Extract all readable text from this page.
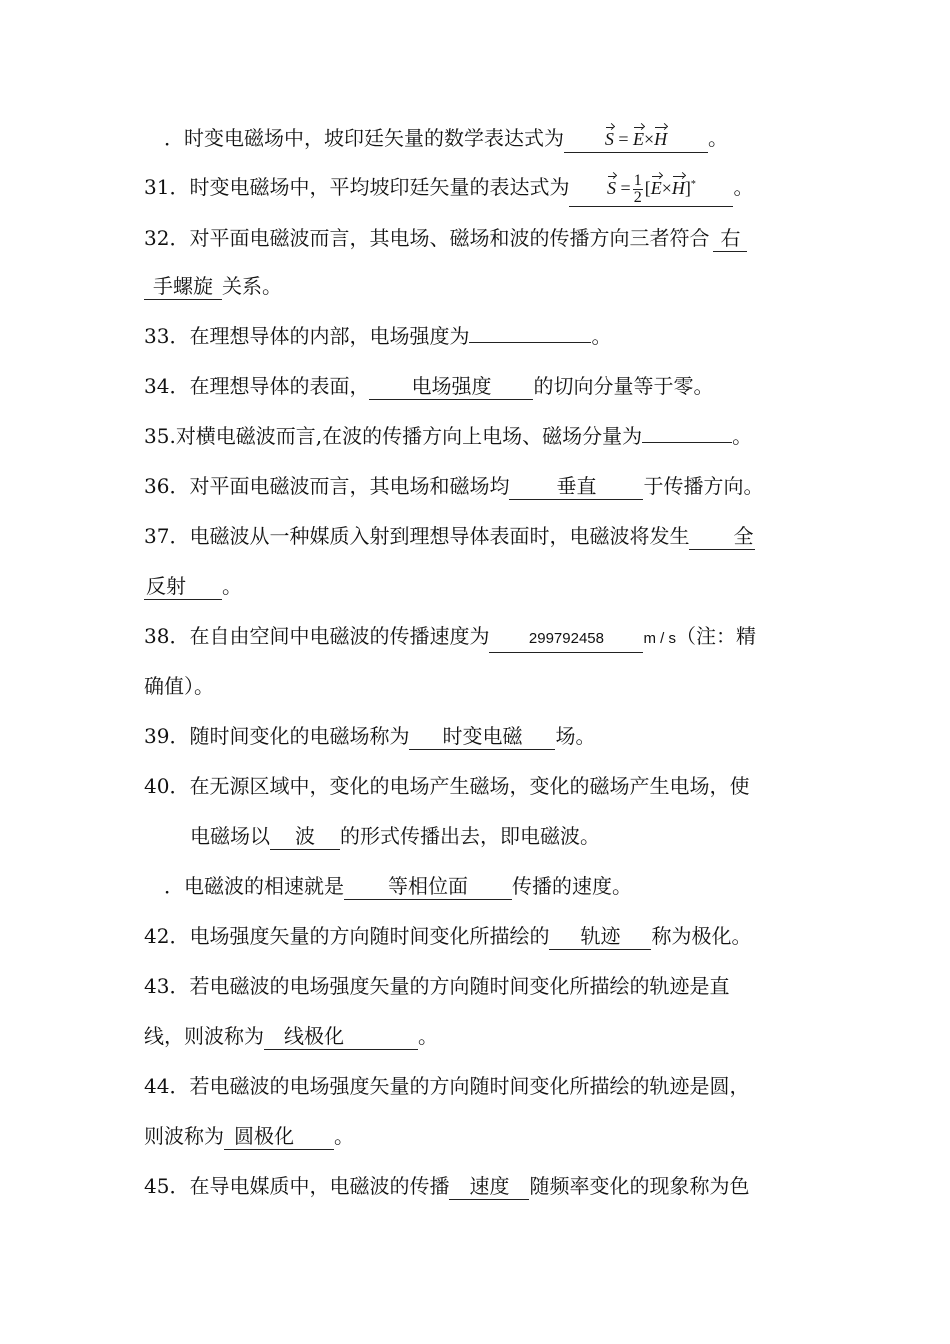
．时变电磁场中，坡印廷矢量的数学表达式为 S = E×H 。
31．时变电磁场中，平均坡印廷矢量的表达式为 $S = \frac{1}{2} [E\times H]^*$ 。
32．对平面电磁波而言，其电场、磁场和波的传播方向三者符合 右
手螺旋 关系。
33．在理想导体的内部，电场强度为	。
34．在理想导体的表面， 电场强度 的切向分量等于零。
35.对横电磁波而言,在波的传播方向上电场、磁场分量为	。
36．对平面电磁波而言，其电场和磁场均 垂直 于传播方向。
37．电磁波从一种媒质入射到理想导体表面时，电磁波将发生 全
反射 。
38．在自由空间中电磁波的传播速度为	299792458	m / s（注：精
确值）。
39．随时间变化的电磁场称为 时变电磁 场。
40．在无源区域中，变化的电场产生磁场，变化的磁场产生电场，使
电磁场以 波 的形式传播出去，即电磁波。
．电磁波的相速就是 等相位面 传播的速度。
42．电场强度矢量的方向随时间变化所描绘的 轨迹 称为极化。
43．若电磁波的电场强度矢量的方向随时间变化所描绘的轨迹是直
线，则波称为 线极化	。
44．若电磁波的电场强度矢量的方向随时间变化所描绘的轨迹是圆，
则波称为 圆极化 。
45．在导电媒质中，电磁波的传播 速度 随频率变化的现象称为色
